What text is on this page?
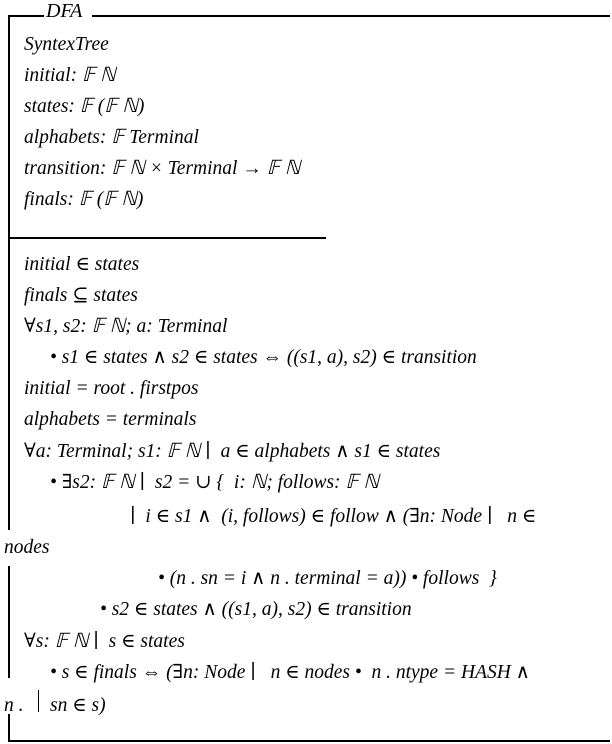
DFA
SyntexTree
initial: 𝔽 ℕ
states: 𝔽 (𝔽 ℕ)
alphabets: 𝔽 Terminal
transition: 𝔽 ℕ × Terminal → 𝔽 ℕ
finals: 𝔽 (𝔽 ℕ)
initial ∈ states
finals ⊆ states
∀s1, s2: 𝔽 ℕ; a: Terminal
• s1 ∈ states ∧ s2 ∈ states ⇔ ((s1, a), s2) ∈ transition
initial = root . firstpos
alphabets = terminals
∀a: Terminal; s1: 𝔽 ℕ ∣  a ∈ alphabets ∧ s1 ∈ states
• ∃s2: 𝔽 ℕ ∣  s2 = ∪ {  i: ℕ; follows: 𝔽 ℕ
∣  i ∈ s1 ∧  (i, follows) ∈ follow ∧ (∃n: Node ∣   n ∈
nodes
• (n . sn = i ∧ n . terminal = a)) • follows  }
• s2 ∈ states ∧ ((s1, a), s2) ∈ transition
∀s: 𝔽 ℕ ∣  s ∈ states
• s ∈ finals ⇔ (∃n: Node ∣   n ∈ nodes •  n . ntype = HASH ∧
n . sn ∈ s)
